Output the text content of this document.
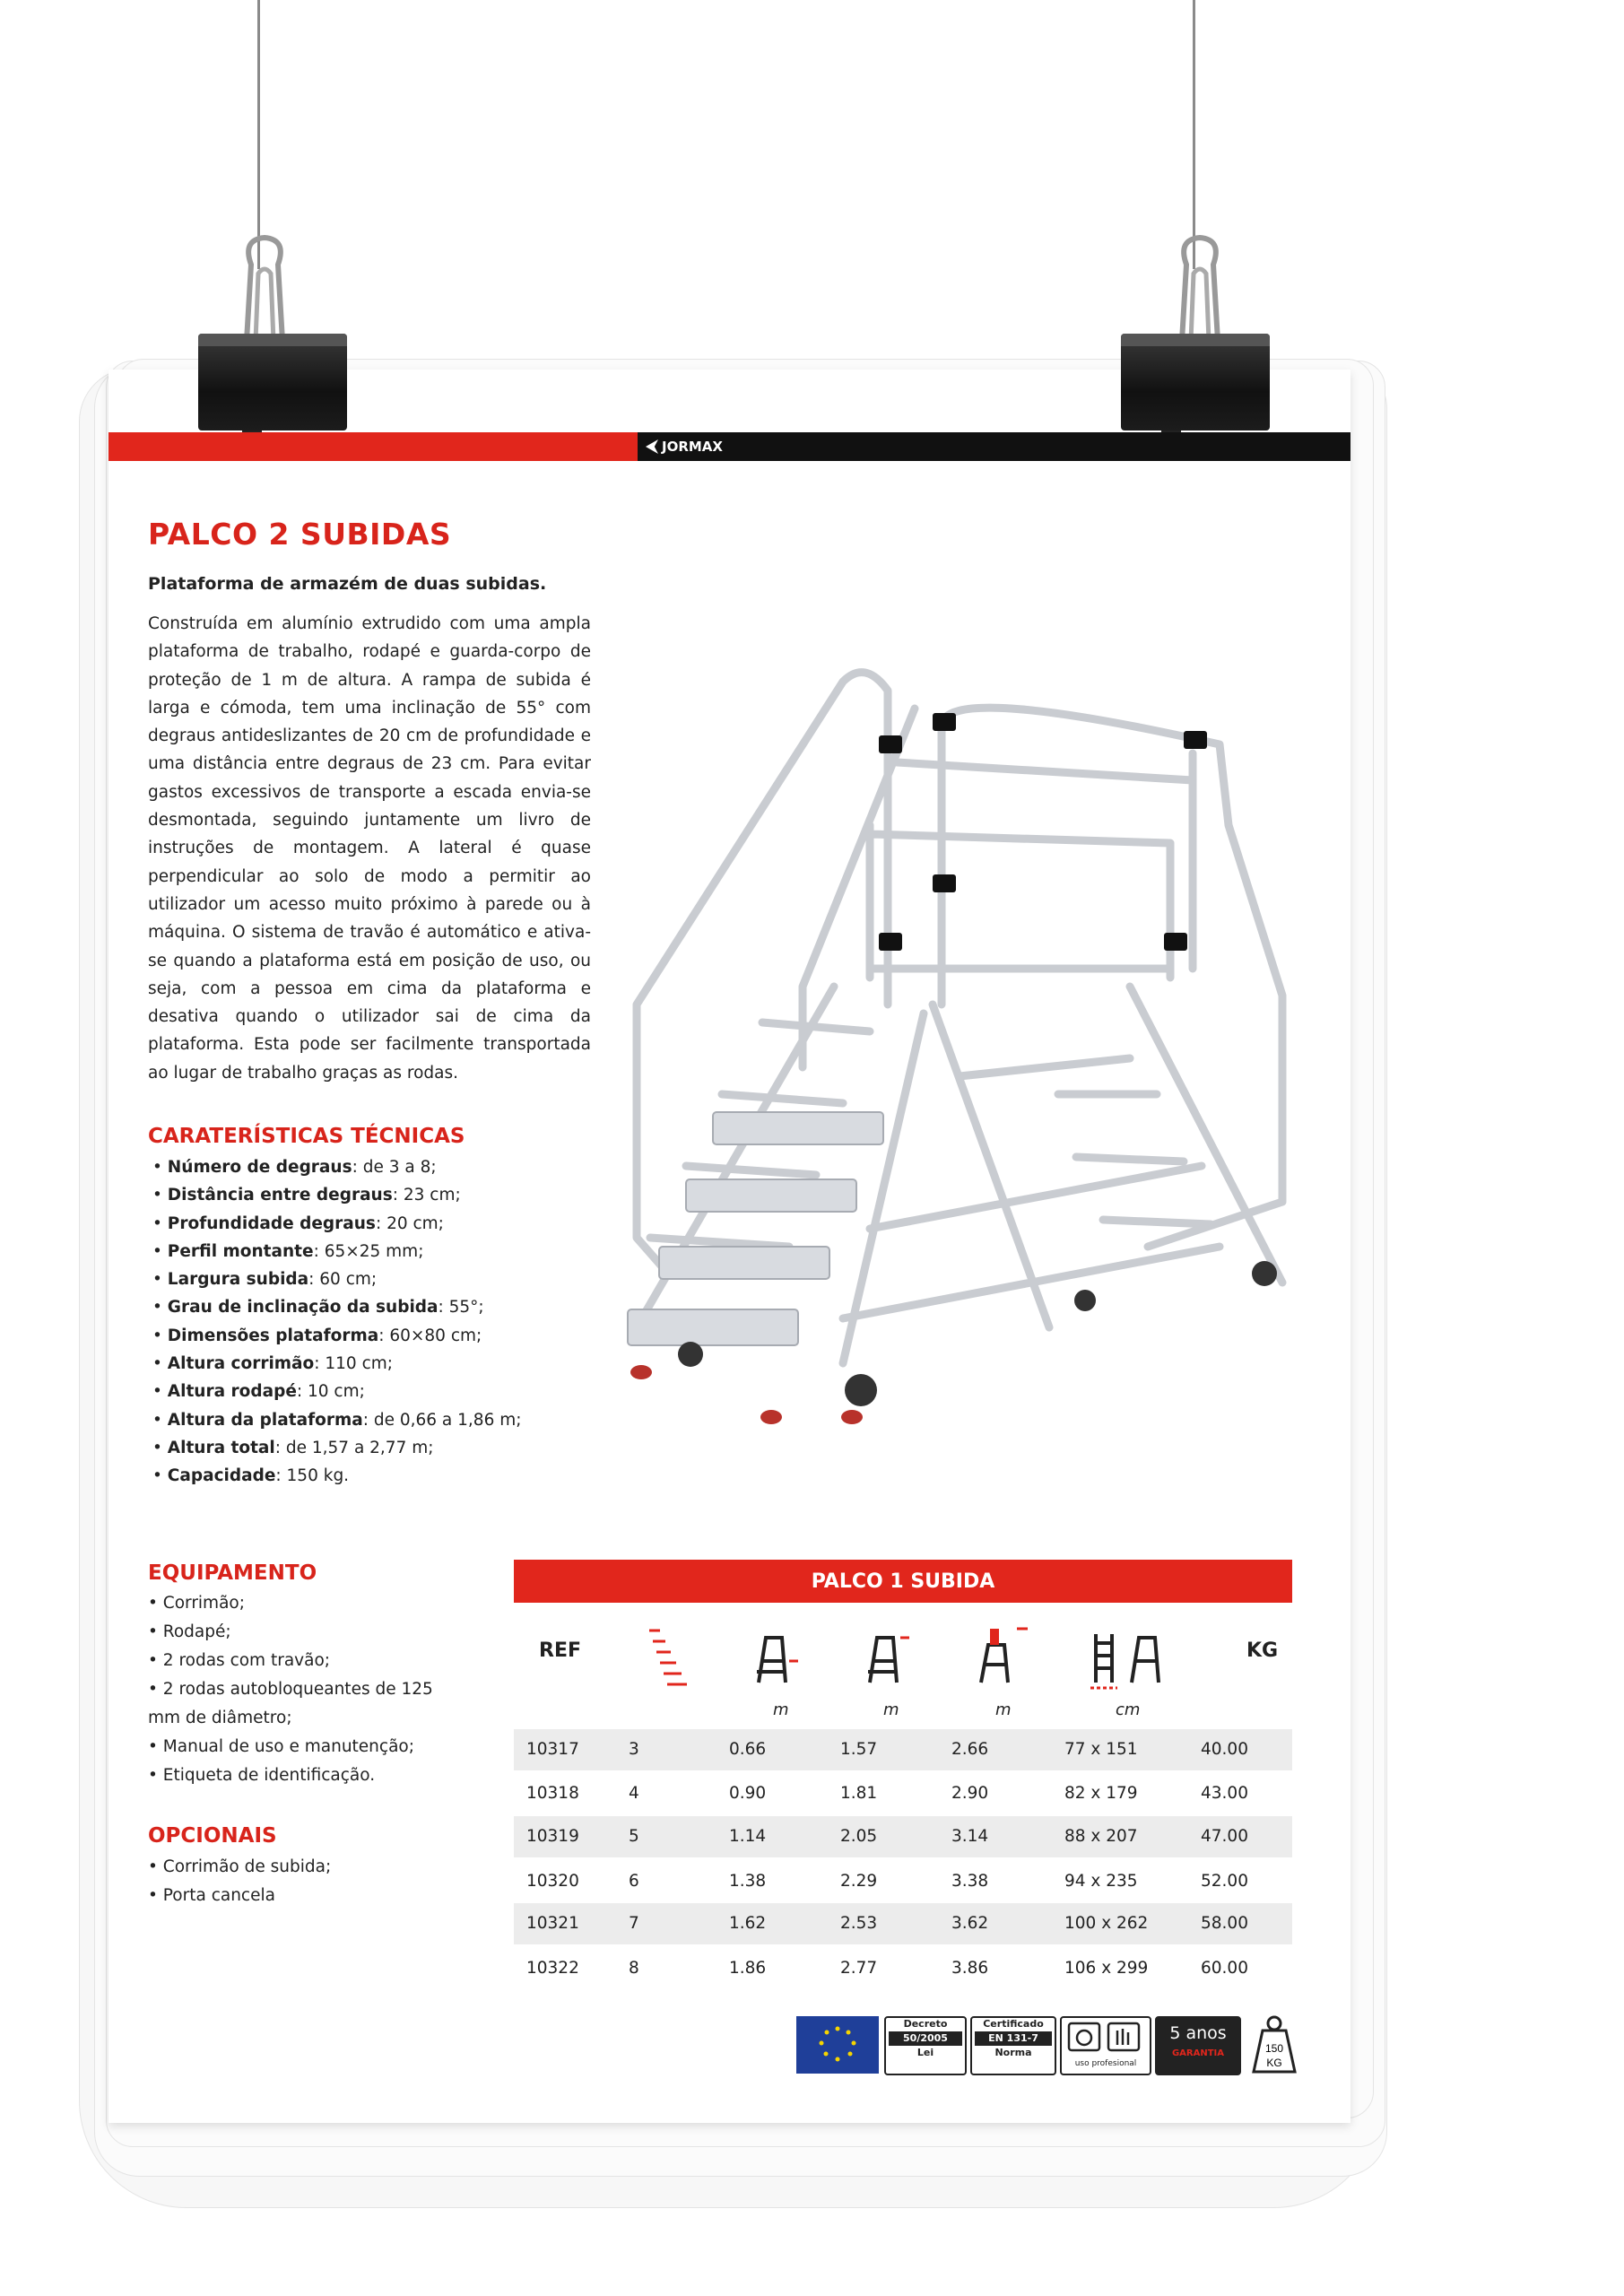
JORMAX
PALCO 2 SUBIDAS
Plataforma de armazém de duas subidas.
Construída em alumínio extrudido com uma ampla plataforma de trabalho, rodapé e guarda-corpo de proteção de 1 m de altura. A rampa de subida é larga e cómoda, tem uma inclinação de 55° com degraus antideslizantes de 20 cm de profundidade e uma distância entre degraus de 23 cm. Para evitar gastos excessivos de transporte a escada envia-se desmontada, seguindo juntamente um livro de instruções de montagem. A lateral é quase perpendicular ao solo de modo a permitir ao utilizador um acesso muito próximo à parede ou à máquina. O sistema de travão é automático e ativa-se quando a plataforma está em posição de uso, ou seja, com a pessoa em cima da plataforma e desativa quando o utilizador sai de cima da plataforma. Esta pode ser facilmente transportada ao lugar de trabalho graças as rodas.
CARATERÍSTICAS TÉCNICAS
• Número de degraus: de 3 a 8;
• Distância entre degraus: 23 cm;
• Profundidade degraus: 20 cm;
• Perfil montante: 65×25 mm;
• Largura subida: 60 cm;
• Grau de inclinação da subida: 55°;
• Dimensões plataforma: 60×80 cm;
• Altura corrimão: 110 cm;
• Altura rodapé: 10 cm;
• Altura da plataforma: de 0,66 a 1,86 m;
• Altura total: de 1,57 a 2,77 m;
• Capacidade: 150 kg.
EQUIPAMENTO
• Corrimão;
• Rodapé;
• 2 rodas com travão;
• 2 rodas autobloqueantes de 125 mm de diâmetro;
• Manual de uso e manutenção;
• Etiqueta de identificação.
OPCIONAIS
• Corrimão de subida;
• Porta cancela
PALCO 1 SUBIDA
REF	KG
m	m	m	cm
10317	3	0.66	1.57	2.66	77 x 151	40.00
10318	4	0.90	1.81	2.90	82 x 179	43.00
10319	5	1.14	2.05	3.14	88 x 207	47.00
10320	6	1.38	2.29	3.38	94 x 235	52.00
10321	7	1.62	2.53	3.62	100 x 262	58.00
10322	8	1.86	2.77	3.86	106 x 299	60.00
Decreto
50/2005
Lei
Certificado
EN 131-7
Norma
uso profesional
5 anos
GARANTIA	150
KG
